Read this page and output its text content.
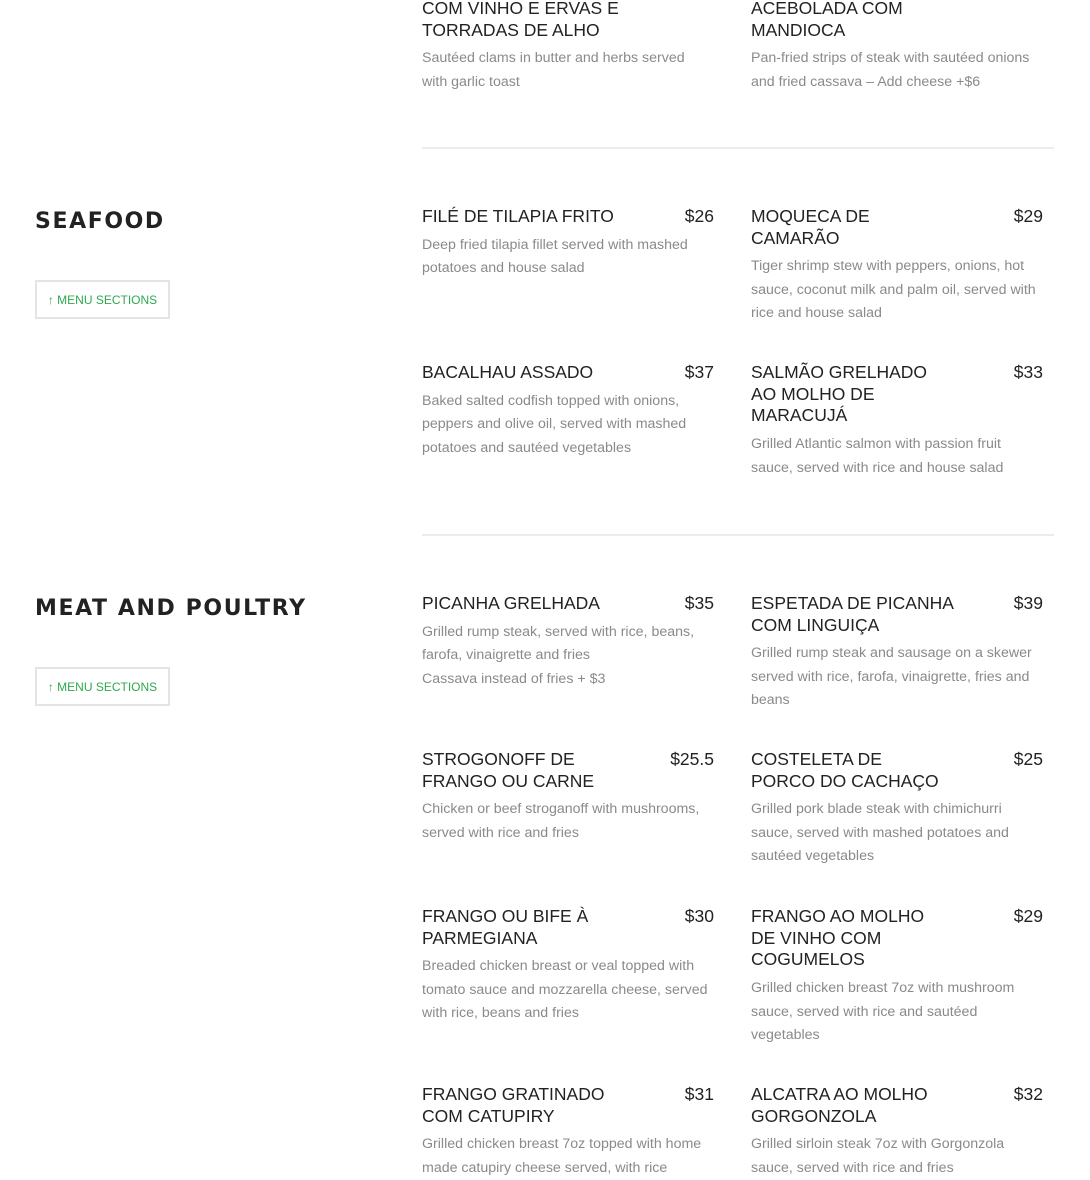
COM VINHO E ERVAS E
TORRADAS DE ALHO
Sautéed clams in butter and herbs served
with garlic toast
ACEBOLADA COM
MANDIOCA
Pan-fried strips of steak with sautéed onions
and fried cassava – Add cheese +$6
SEAFOOD
↑ MENU SECTIONS
FILÉ DE TILAPIA FRITO	$26
Deep fried tilapia fillet served with mashed
potatoes and house salad
MOQUECA DE CAMARÃO
$29
Tiger shrimp stew with peppers, onions, hot
sauce, coconut milk and palm oil, served with
rice and house salad
BACALHAU ASSADO	$37
Baked salted codfish topped with onions,
peppers and olive oil, served with mashed
potatoes and sautéed vegetables
SALMÃO GRELHADO AO MOLHO DE MARACUJÁ
$33
Grilled Atlantic salmon with passion fruit
sauce, served with rice and house salad
MEAT AND POULTRY
↑ MENU SECTIONS
PICANHA GRELHADA	$35
Grilled rump steak, served with rice, beans,
farofa, vinaigrette and fries
Cassava instead of fries + $3
ESPETADA DE PICANHA COM LINGUIÇA
$39
Grilled rump steak and sausage on a skewer
served with rice, farofa, vinaigrette, fries and
beans
STROGONOFF DE FRANGO OU CARNE
$25.5
Chicken or beef stroganoff with mushrooms,
served with rice and fries
COSTELETA DE PORCO DO CACHAÇO
$25
Grilled pork blade steak with chimichurri
sauce, served with mashed potatoes and
sautéed vegetables
FRANGO OU BIFE À PARMEGIANA
$30
Breaded chicken breast or veal topped with
tomato sauce and mozzarella cheese, served
with rice, beans and fries
FRANGO AO MOLHO DE VINHO COM COGUMELOS
$29
Grilled chicken breast 7oz with mushroom
sauce, served with rice and sautéed
vegetables
FRANGO GRATINADO COM CATUPIRY
$31
Grilled chicken breast 7oz topped with home
made catupiry cheese served, with rice
ALCATRA AO MOLHO GORGONZOLA
$32
Grilled sirloin steak 7oz with Gorgonzola
sauce, served with rice and fries
